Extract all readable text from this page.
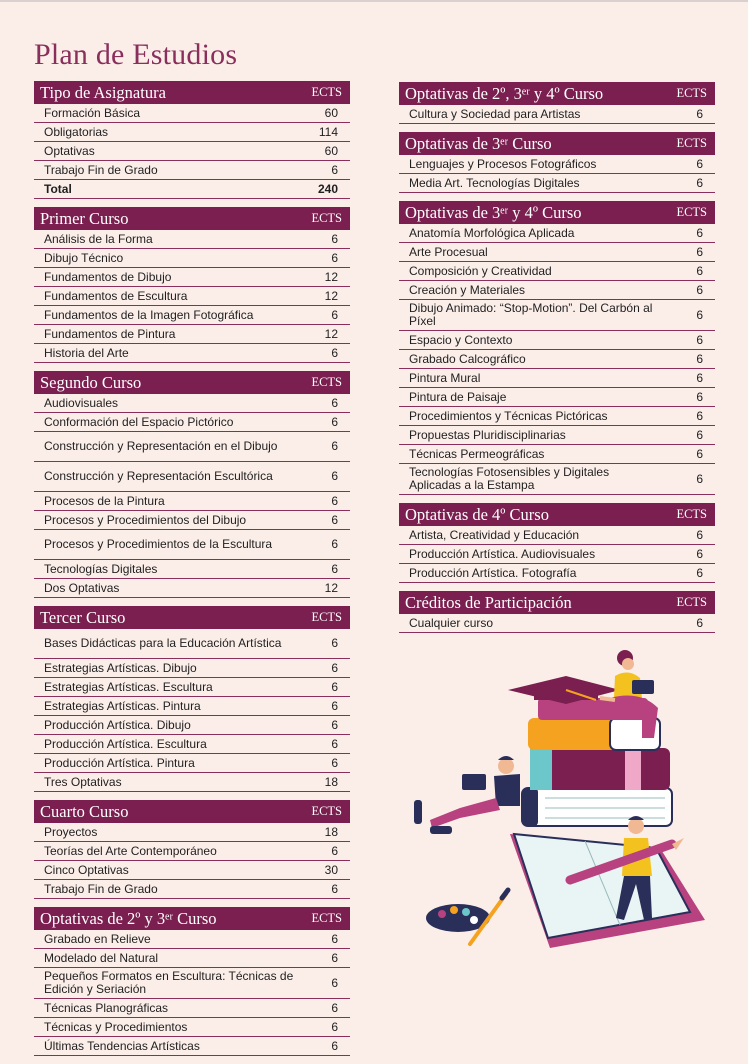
Plan de Estudios
Tipo de Asignatura	ECTS
Formación Básica	60
Obligatorias	114
Optativas	60
Trabajo Fin de Grado	6
Total	240
Primer Curso	ECTS
Análisis de la Forma	6
Dibujo Técnico	6
Fundamentos de Dibujo	12
Fundamentos de Escultura	12
Fundamentos de la Imagen Fotográfica	6
Fundamentos de Pintura	12
Historia del Arte	6
Segundo Curso	ECTS
Audiovisuales	6
Conformación del Espacio Pictórico	6
Construcción y Representación en el Dibujo	6
Construcción y Representación Escultórica	6
Procesos de la Pintura	6
Procesos y Procedimientos del Dibujo	6
Procesos y Procedimientos de la Escultura	6
Tecnologías Digitales	6
Dos Optativas	12
Tercer Curso	ECTS
Bases Didácticas para la Educación Artística	6
Estrategias Artísticas. Dibujo	6
Estrategias Artísticas. Escultura	6
Estrategias Artísticas. Pintura	6
Producción Artística. Dibujo	6
Producción Artística. Escultura	6
Producción Artística. Pintura	6
Tres Optativas	18
Cuarto Curso	ECTS
Proyectos	18
Teorías del Arte Contemporáneo	6
Cinco Optativas	30
Trabajo Fin de Grado	6
Optativas de 2º y 3ᵉʳ Curso	ECTS
Grabado en Relieve	6
Modelado del Natural	6
Pequeños Formatos en Escultura: Técnicas de Edición y Seriación	6
Técnicas Planográficas	6
Técnicas y Procedimientos	6
Últimas Tendencias Artísticas	6
Optativas de 2º, 3ᵉʳ y 4º Curso	ECTS
Cultura y Sociedad para Artistas	6
Optativas de 3ᵉʳ Curso	ECTS
Lenguajes y Procesos Fotográficos	6
Media Art. Tecnologías Digitales	6
Optativas de 3ᵉʳ y 4º Curso	ECTS
Anatomía Morfológica Aplicada	6
Arte Procesual	6
Composición y Creatividad	6
Creación y Materiales	6
Dibujo Animado: “Stop-Motion”. Del Carbón al Píxel	6
Espacio y Contexto	6
Grabado Calcográfico	6
Pintura Mural	6
Pintura de Paisaje	6
Procedimientos y Técnicas Pictóricas	6
Propuestas Pluridisciplinarias	6
Técnicas Permeográficas	6
Tecnologías Fotosensibles y Digitales Aplicadas a la Estampa	6
Optativas de 4º Curso	ECTS
Artista, Creatividad y Educación	6
Producción Artística. Audiovisuales	6
Producción Artística. Fotografía	6
Créditos de Participación	ECTS
Cualquier curso	6
